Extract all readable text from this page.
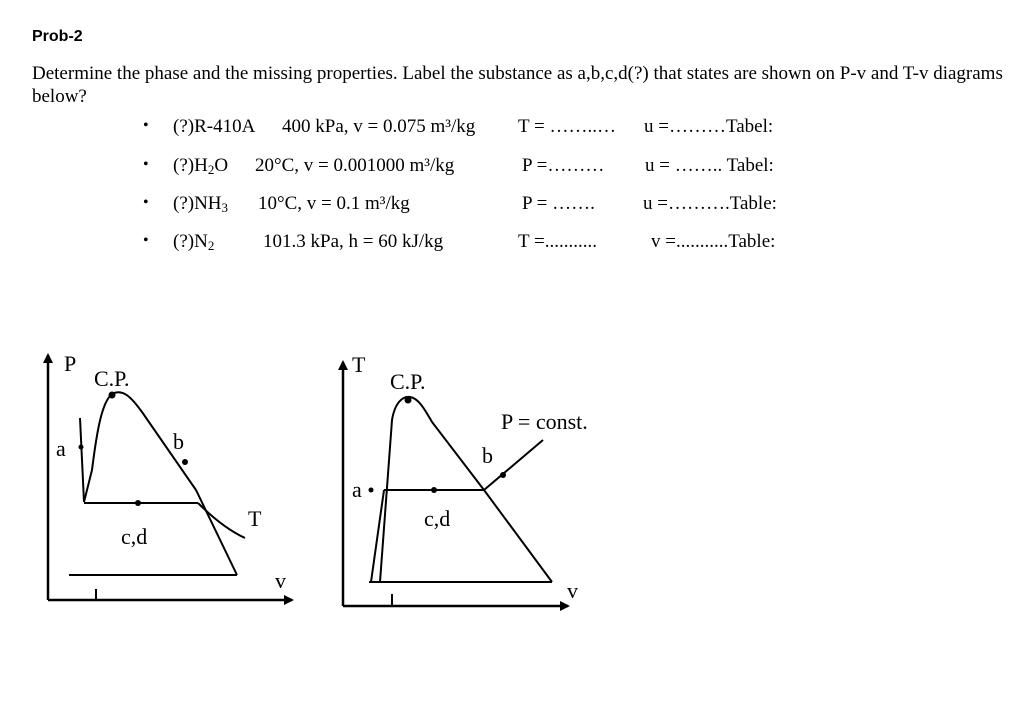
Prob-2
Determine the phase and the missing properties. Label the substance as a,b,c,d(?) that states are shown on P-v and T-v diagrams below?
• (?)R-410A 400 kPa, v = 0.075 m³/kg T = ……..… u =………Tabel:
• $(?)H_2O$ 20°C, v = 0.001000 m³/kg	P =……… u = …….. Tabel:
• $(?)NH_3$ 10°C, v = 0.1 m³/kg	P = …….	u =……….Table:
• $(?)N_2$	101.3 kPa, h = 60 kJ/kg	T =...........	v =...........Table:
P
C.P.
v
a	b
c,d
T
T
C.P.
v
a
b
c,d
P = const.
